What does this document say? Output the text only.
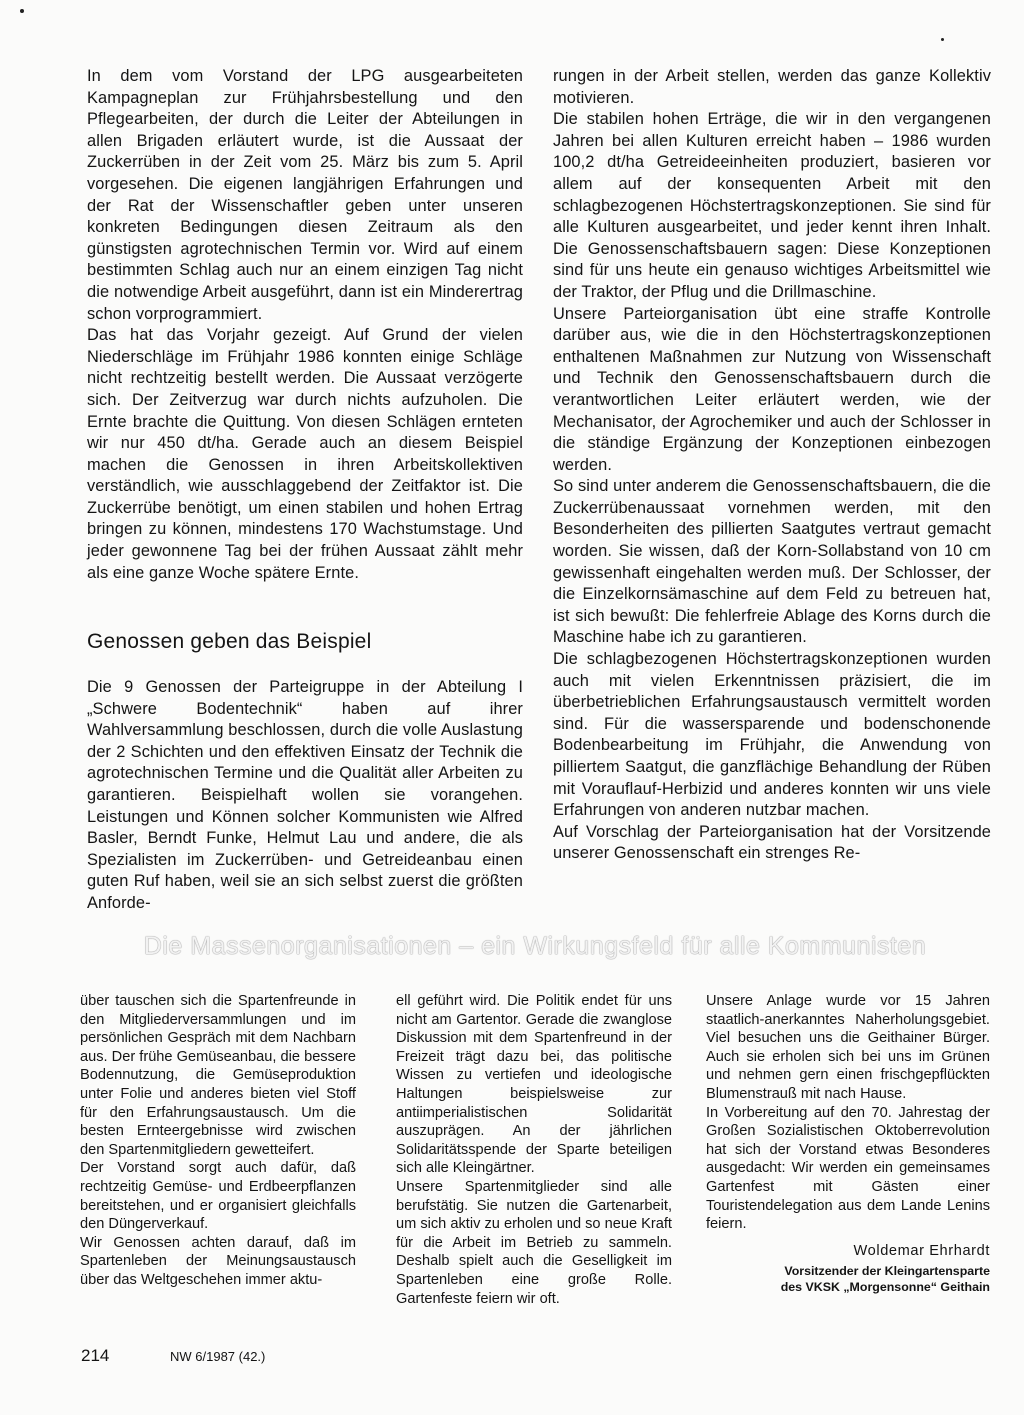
In dem vom Vorstand der LPG ausgearbeiteten Kampagneplan zur Frühjahrsbestellung und den Pflegearbeiten, der durch die Leiter der Abteilungen in allen Brigaden erläutert wurde, ist die Aussaat der Zuckerrüben in der Zeit vom 25. März bis zum 5. April vorgesehen. Die eigenen langjährigen Erfahrungen und der Rat der Wissenschaftler geben unter unseren konkreten Bedingungen diesen Zeitraum als den günstigsten agrotechnischen Termin vor. Wird auf einem bestimmten Schlag auch nur an einem einzigen Tag nicht die notwendige Arbeit ausgeführt, dann ist ein Minderertrag schon vorprogrammiert.

Das hat das Vorjahr gezeigt. Auf Grund der vielen Niederschläge im Frühjahr 1986 konnten einige Schläge nicht rechtzeitig bestellt werden. Die Aussaat verzögerte sich. Der Zeitverzug war durch nichts aufzuholen. Die Ernte brachte die Quittung. Von diesen Schlägen ernteten wir nur 450 dt/ha. Gerade auch an diesem Beispiel machen die Genossen in ihren Arbeitskollektiven verständlich, wie ausschlaggebend der Zeitfaktor ist. Die Zuckerrübe benötigt, um einen stabilen und hohen Ertrag bringen zu können, mindestens 170 Wachstumstage. Und jeder gewonnene Tag bei der frühen Aussaat zählt mehr als eine ganze Woche spätere Ernte.

Genossen geben das Beispiel

Die 9 Genossen der Parteigruppe in der Abteilung I „Schwere Bodentechnik“ haben auf ihrer Wahlversammlung beschlossen, durch die volle Auslastung der 2 Schichten und den effektiven Einsatz der Technik die agrotechnischen Termine und die Qualität aller Arbeiten zu garantieren. Beispielhaft wollen sie vorangehen. Leistungen und Können solcher Kommunisten wie Alfred Basler, Berndt Funke, Helmut Lau und andere, die als Spezialisten im Zuckerrüben- und Getreideanbau einen guten Ruf haben, weil sie an sich selbst zuerst die größten Anforde-

rungen in der Arbeit stellen, werden das ganze Kollektiv motivieren.

Die stabilen hohen Erträge, die wir in den vergangenen Jahren bei allen Kulturen erreicht haben – 1986 wurden 100,2 dt/ha Getreideeinheiten produziert, basieren vor allem auf der konsequenten Arbeit mit den schlagbezogenen Höchstertragskonzeptionen. Sie sind für alle Kulturen ausgearbeitet, und jeder kennt ihren Inhalt. Die Genossenschaftsbauern sagen: Diese Konzeptionen sind für uns heute ein genauso wichtiges Arbeitsmittel wie der Traktor, der Pflug und die Drillmaschine.

Unsere Parteiorganisation übt eine straffe Kontrolle darüber aus, wie die in den Höchstertragskonzeptionen enthaltenen Maßnahmen zur Nutzung von Wissenschaft und Technik den Genossenschaftsbauern durch die verantwortlichen Leiter erläutert werden, wie der Mechanisator, der Agrochemiker und auch der Schlosser in die ständige Ergänzung der Konzeptionen einbezogen werden.

So sind unter anderem die Genossenschaftsbauern, die die Zuckerrübenaussaat vornehmen werden, mit den Besonderheiten des pillierten Saatgutes vertraut gemacht worden. Sie wissen, daß der Korn-Sollabstand von 10 cm gewissenhaft eingehalten werden muß. Der Schlosser, der die Einzelkornsämaschine auf dem Feld zu betreuen hat, ist sich bewußt: Die fehlerfreie Ablage des Korns durch die Maschine habe ich zu garantieren.

Die schlagbezogenen Höchstertragskonzeptionen wurden auch mit vielen Erkenntnissen präzisiert, die im überbetrieblichen Erfahrungsaustausch vermittelt worden sind. Für die wassersparende und bodenschonende Bodenbearbeitung im Frühjahr, die Anwendung von pilliertem Saatgut, die ganzflächige Behandlung der Rüben mit Vorauflauf-Herbizid und anderes konnten wir uns viele Erfahrungen von anderen nutzbar machen.

Auf Vorschlag der Parteiorganisation hat der Vorsitzende unserer Genossenschaft ein strenges Re-

Die Massenorganisationen – ein Wirkungsfeld für alle Kommunisten

über tauschen sich die Spartenfreunde in den Mitgliederversammlungen und im persönlichen Gespräch mit dem Nachbarn aus. Der frühe Gemüseanbau, die bessere Bodennutzung, die Gemüseproduktion unter Folie und anderes bieten viel Stoff für den Erfahrungsaustausch. Um die besten Ernteergebnisse wird zwischen den Spartenmitgliedern gewetteifert.

Der Vorstand sorgt auch dafür, daß rechtzeitig Gemüse- und Erdbeerpflanzen bereitstehen, und er organisiert gleichfalls den Düngerverkauf.

Wir Genossen achten darauf, daß im Spartenleben der Meinungsaustausch über das Weltgeschehen immer aktu-

ell geführt wird. Die Politik endet für uns nicht am Gartentor. Gerade die zwanglose Diskussion mit dem Spartenfreund in der Freizeit trägt dazu bei, das politische Wissen zu vertiefen und ideologische Haltungen beispielsweise zur antiimperialistischen Solidarität auszuprägen. An der jährlichen Solidaritätsspende der Sparte beteiligen sich alle Kleingärtner.

Unsere Spartenmitglieder sind alle berufstätig. Sie nutzen die Gartenarbeit, um sich aktiv zu erholen und so neue Kraft für die Arbeit im Betrieb zu sammeln. Deshalb spielt auch die Geselligkeit im Spartenleben eine große Rolle. Gartenfeste feiern wir oft.

Unsere Anlage wurde vor 15 Jahren staatlich-anerkanntes Naherholungsgebiet. Viel besuchen uns die Geithainer Bürger. Auch sie erholen sich bei uns im Grünen und nehmen gern einen frischgepflückten Blumenstrauß mit nach Hause.

In Vorbereitung auf den 70. Jahrestag der Großen Sozialistischen Oktoberrevolution hat sich der Vorstand etwas Besonderes ausgedacht: Wir werden ein gemeinsames Gartenfest mit Gästen einer Touristendelegation aus dem Lande Lenins feiern.

Woldemar Ehrhardt

Vorsitzender der Kleingartensparte
des VKSK „Morgensonne“ Geithain

214	NW 6/1987 (42.)
